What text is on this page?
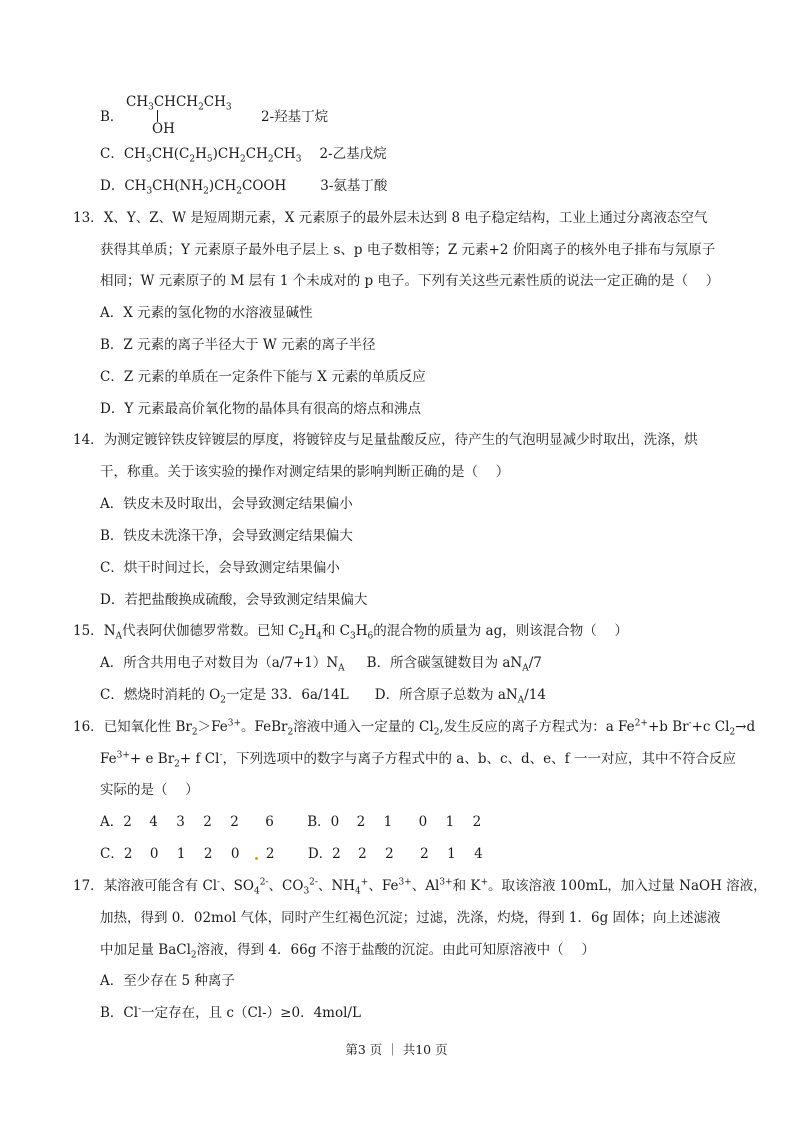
B．
$CH_3CHCH_2CH_3$
OH
2-羟基丁烷
C．$CH_3CH(C_2H_5)CH_2CH_2CH_3$ 2-乙基戊烷
D．$CH_3CH(NH_2)CH_2COOH$	3-氨基丁酸
13．X、Y、Z、W 是短周期元素，X 元素原子的最外层未达到 8 电子稳定结构，工业上通过分离液态空气
获得其单质；Y 元素原子最外电子层上 s、p 电子数相等；Z 元素+2 价阳离子的核外电子排布与氖原子
相同；W 元素原子的 M 层有 1 个未成对的 p 电子。下列有关这些元素性质的说法一定正确的是（　 ）
A．X 元素的氢化物的水溶液显碱性
B．Z 元素的离子半径大于 W 元素的离子半径
C．Z 元素的单质在一定条件下能与 X 元素的单质反应
D．Y 元素最高价氧化物的晶体具有很高的熔点和沸点
14．为测定镀锌铁皮锌镀层的厚度，将镀锌皮与足量盐酸反应，待产生的气泡明显减少时取出，洗涤，烘
干，称重。关于该实验的操作对测定结果的影响判断正确的是（　 ）
A．铁皮未及时取出，会导致测定结果偏小
B．铁皮未洗涤干净，会导致测定结果偏大
C．烘干时间过长，会导致测定结果偏小
D．若把盐酸换成硫酸，会导致测定结果偏大
15．$N_A$代表阿伏伽德罗常数。已知 $C_2H_4$和 $C_3H_6$的混合物的质量为 ag，则该混合物（　 ）
A．所含共用电子对数目为$(a/7+1)N_A$ B．所含碳氢键数目为 $aN_A/7$
C．燃烧时消耗的 $O_2$一定是 33．6a/14L D．所含原子总数为 $aN_A/14$
16．已知氧化性 $Br_2>Fe^{3+}$。FeBr$_2$溶液中通入一定量的 $Cl_2$,发生反应的离子方程式为：a $Fe^{2+}+b$ Br-+c $Cl_2\to d$
$Fe^{3+}+ e$ $Br_2+ f$ Cl-，下列选项中的数字与离子方程式中的 a、b、c、d、e、f 一一对应，其中不符合反应
实际的是（　 ）
A．2 4 3 2 2 6 B．0 2 1 0 1 2
C．2 0 1 2 0 2 D．2 2 2 2 1 4
17．某溶液可能含有 Cl-、$SO_4^{2-}$、$CO_3^{2-}$、$NH_4^+$、$Fe^{3+}$、$Al^{3+}$和 K+。取该溶液 100mL，加入过量 NaOH 溶液，
加热，得到 0．02mol 气体，同时产生红褐色沉淀；过滤，洗涤，灼烧，得到 1．6g 固体；向上述滤液
中加足量 BaCl$_2$溶液，得到 4．66g 不溶于盐酸的沉淀。由此可知原溶液中（　 ）
A．至少存在 5 种离子
B．Cl-一定存在，且 c（Cl-）≥0．4mol/L
第3 页 ｜ 共10 页
